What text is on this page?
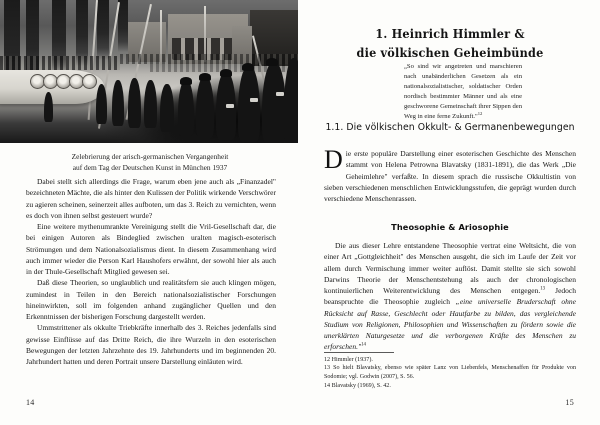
Zelebrierung der arisch-germanischen Vergangenheit
auf dem Tag der Deutschen Kunst in München 1937

Dabei stellt sich allerdings die Frage, warum eben jene auch als „Finanzadel" bezeichneten Mächte, die als hinter den Kulissen der Politik wirkende Verschwörer zu agieren scheinen, seinerzeit alles aufboten, um das 3. Reich zu vernichten, wenn es doch von ihnen selbst gesteuert wurde?

Eine weitere mythenumrankte Vereinigung stellt die Vril-Gesellschaft dar, die bei einigen Autoren als Bindeglied zwischen uralten magisch-esoterisch Strömungen und dem Nationalsozialismus dient. In diesem Zusammenhang wird auch immer wieder die Person Karl Haushofers erwähnt, der sowohl hier als auch in der Thule-Gesellschaft Mitglied gewesen sei.

Daß diese Theorien, so unglaublich und realitätsfern sie auch klingen mögen, zumindest in Teilen in den Bereich nationalsozialistischer Forschungen hineinwirkten, soll im folgenden anhand zugänglicher Quellen und den Erkenntnissen der bisherigen Forschung dargestellt werden.

Ummstrittener als okkulte Triebkräfte innerhalb des 3. Reiches jedenfalls sind gewisse Einflüsse auf das Dritte Reich, die ihre Wurzeln in den esoterischen Bewegungen der letzten Jahrzehnte des 19. Jahrhunderts und im beginnenden 20. Jahrhundert hatten und deren Portrait unsere Darstellung einläuten wird.

14
1. Heinrich Himmler &
die völkischen Geheimbünde
„So sind wir angetreten und marschieren nach unabänderlichen Gesetzen als ein nationalsozialistischer, soldatischer Orden nordisch bestimmter Männer und als eine geschworene Gemeinschaft ihrer Sippen den Weg in eine ferne Zukunft."$^{12}$
1.1. Die völkischen Okkult- & Germanenbewegungen

Die erste populäre Darstellung einer esoterischen Geschichte des Menschen stammt von Helena Petrowna Blavatsky (1831-1891), die das Werk „Die Geheimlehre" verfaßte. In diesem sprach die russische Okkultistin von sieben verschiedenen menschlichen Entwicklungsstufen, die geprägt wurden durch verschiedene Menschenrassen.

Theosophie & Ariosophie

Die aus dieser Lehre entstandene Theosophie vertrat eine Weltsicht, die von einer Art „Gottgleichheit" des Menschen ausgeht, die sich im Laufe der Zeit vor allem durch Vermischung immer weiter auflöst. Damit stellte sie sich sowohl Darwins Theorie der Menschentstehung als auch der chronologischen kontinuierlichen Weiterentwicklung des Menschen entgegen.$^{13}$ Jedoch beanspruchte die Theosophie zugleich „eine universelle Bruderschaft ohne Rücksicht auf Rasse, Geschlecht oder Hautfarbe zu bilden, das vergleichende Studium von Religionen, Philosophien und Wissenschaften zu fördern sowie die unerklärten Naturgesetze und die verborgenen Kräfte des Menschen zu erforschen."$^{14}$

12 Himmler (1937).
13 So hielt Blavatsky, ebenso wie später Lanz von Liebenfels, Menschenaffen für Produkte von Sodomie; vgl. Godwin (2007), S. 56.
14 Blavatsky (1969), S. 42.
15
